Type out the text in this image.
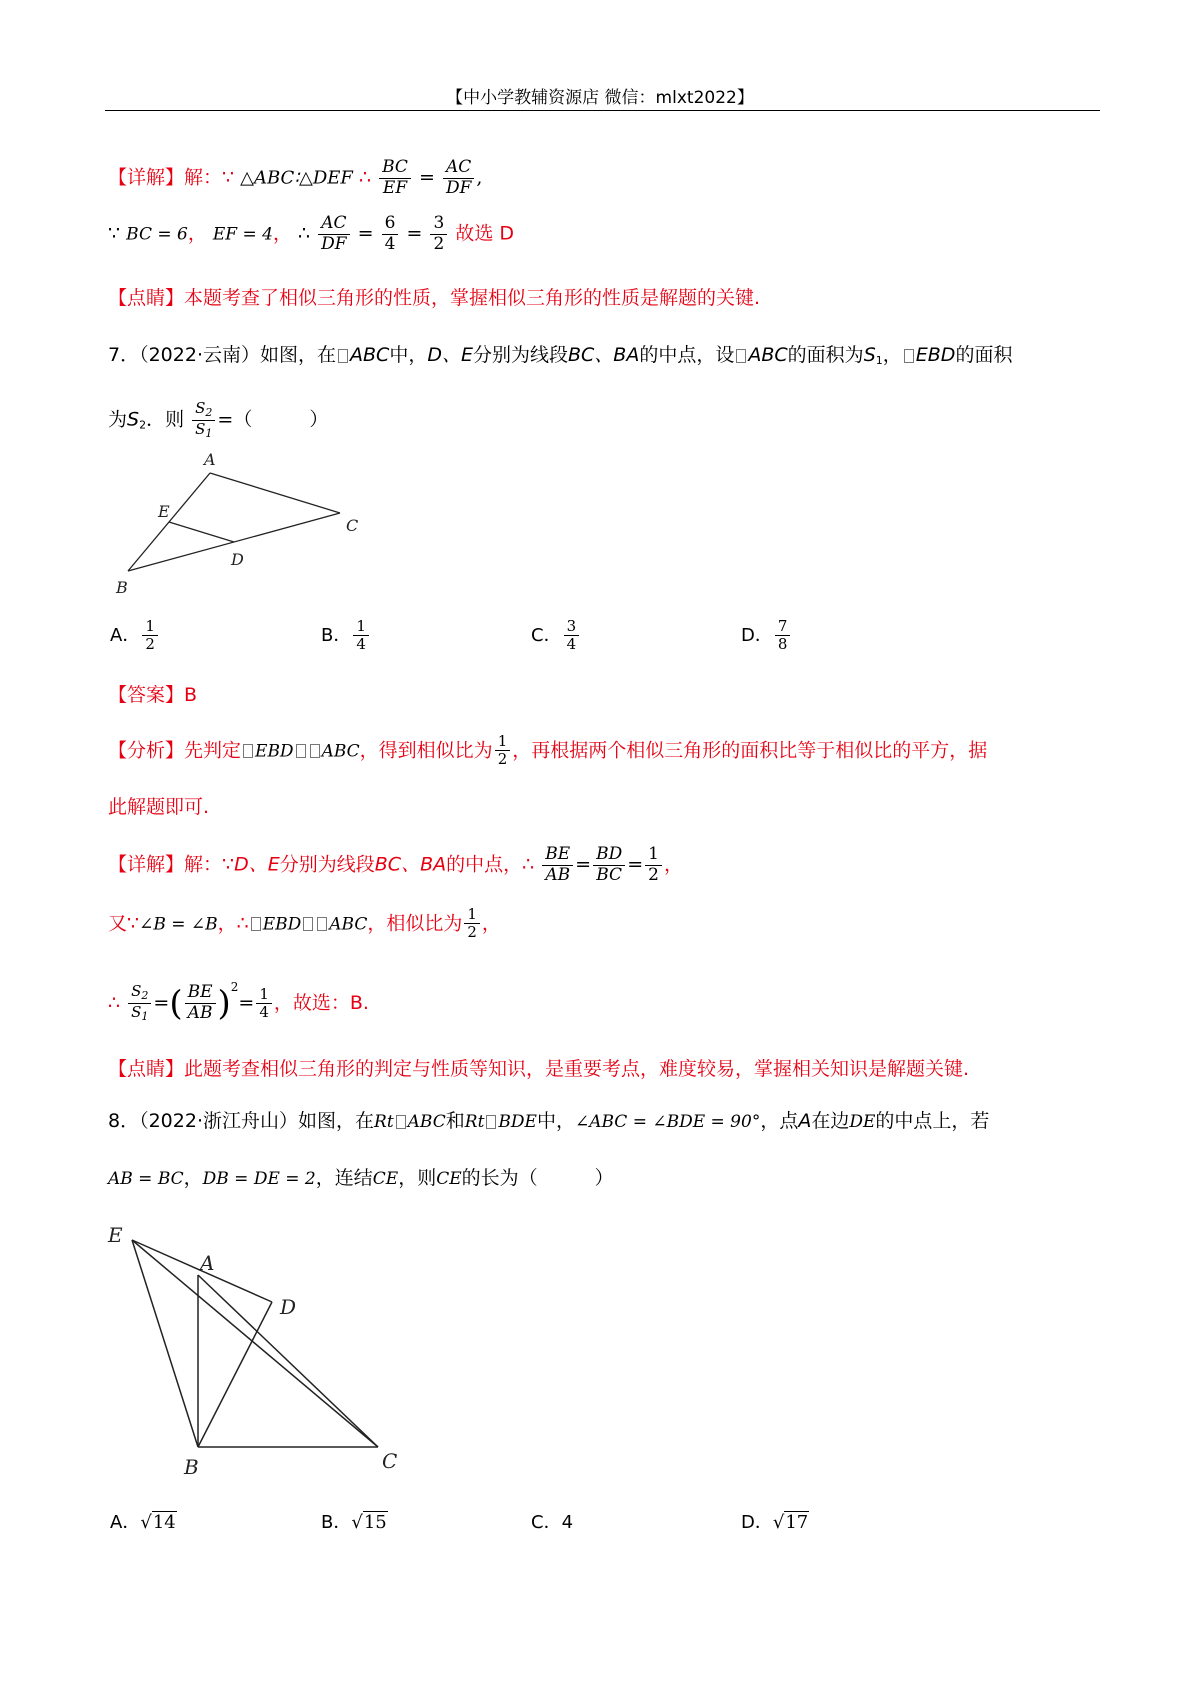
【中小学教辅资源店 微信：mlxt2022】
【详解】解：∵ △ABC∶△DEF ∴ $\frac{BC}{EF} = \frac{AC}{DF}$ ,
∵ BC = 6， EF = 4， ∴ $\frac{AC}{DF} = \frac{6}{4} = \frac{3}{2}$ 故选 D
【点睛】本题考查了相似三角形的性质，掌握相似三角形的性质是解题的关键.
7．（2022·云南）如图，在 ABC中，D、E分别为线段BC、BA的中点，设 ABC的面积为$S_1$， EBD的面积
为$S_2$．则 $\frac{S_2}{S_1}$ =（　　　）
A
B
C
D
E
A． $\frac{1}{2}$	B． $\frac{1}{4}$	C． $\frac{3}{4}$	D． $\frac{7}{8}$
【答案】B
【分析】先判定 EBD ABC，得到相似比为 $\frac{1}{2}$ ，再根据两个相似三角形的面积比等于相似比的平方，据
此解题即可.
【详解】解：∵D、E分别为线段BC、BA的中点，∴ $\frac{BE}{AB} = \frac{BD}{BC} = \frac{1}{2}$ ，
又∵∠B = ∠B，∴ EBD ABC，相似比为 $\frac{1}{2}$ ，
∴ $\frac{S_2}{S_1}$ =( $\frac{BE}{AB} )^2= \frac{1}{4}$ ，故选：B.
【点睛】此题考查相似三角形的判定与性质等知识，是重要考点，难度较易，掌握相关知识是解题关键.
8．（2022·浙江舟山）如图，在Rt ABC和Rt BDE中，∠ABC = ∠BDE = 90°，点A在边DE的中点上，若
AB = BC，DB = DE = 2，连结CE，则CE的长为（　　　）
E
A
D
B	C
A．√14	B．√15	C．4	D．√17
